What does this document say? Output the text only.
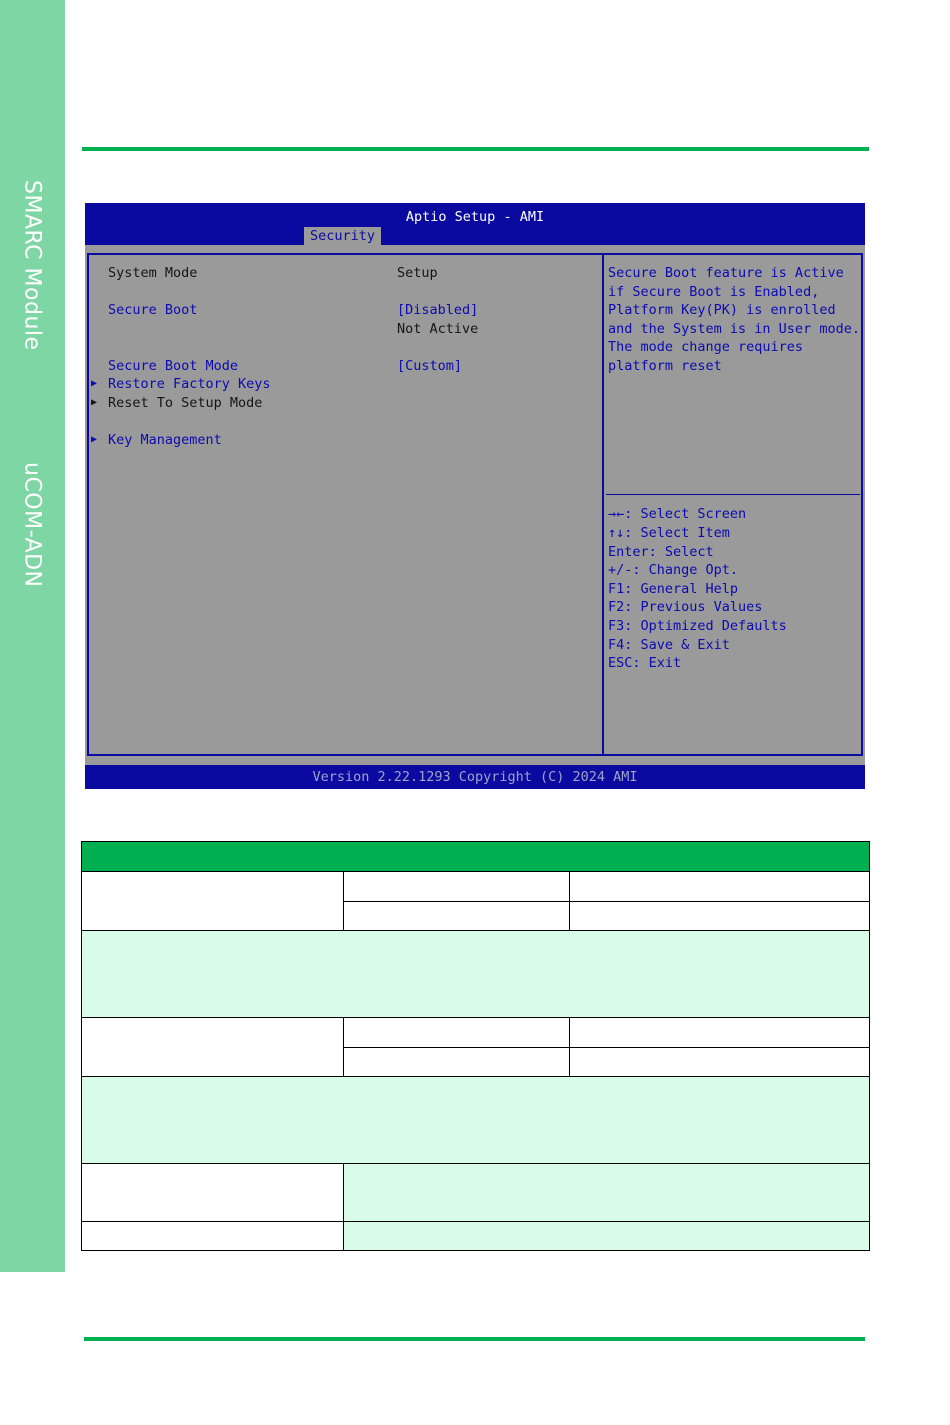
SMARC Module
uCOM-ADN
Aptio Setup - AMI
Security
System Mode	Setup
Secure Boot	[Disabled]
Not Active
Secure Boot Mode	[Custom]
▶ Restore Factory Keys
▶ Reset To Setup Mode
▶ Key Management
Secure Boot feature is Active
if Secure Boot is Enabled,
Platform Key(PK) is enrolled
and the System is in User mode.
The mode change requires
platform reset
→←: Select Screen
↑↓: Select Item
Enter: Select
+/-: Change Opt.
F1: General Help
F2: Previous Values
F3: Optimized Defaults
F4: Save & Exit
ESC: Exit
Version 2.22.1293 Copyright (C) 2024 AMI
